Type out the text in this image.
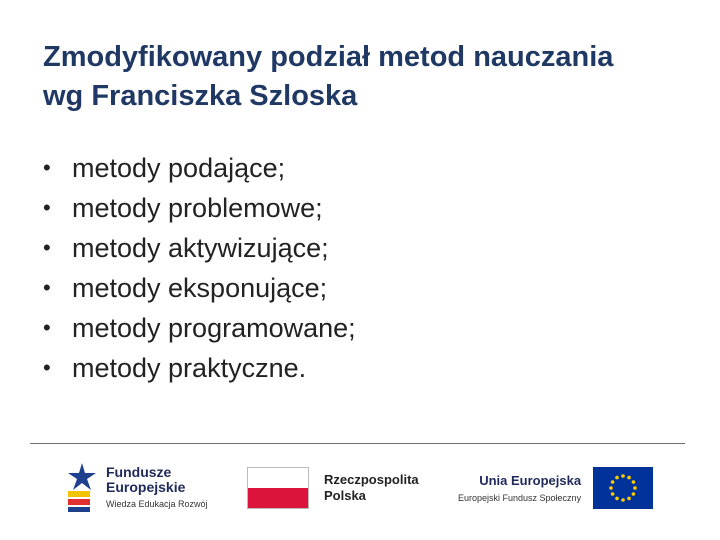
Zmodyfikowany podział metod nauczania
wg Franciszka Szloska
• metody podające;
• metody problemowe;
• metody aktywizujące;
• metody eksponujące;
• metody programowane;
• metody praktyczne.
Fundusze
Europejskie
Wiedza Edukacja Rozwój
Rzeczpospolita
Polska
Unia Europejska
Europejski Fundusz Społeczny
